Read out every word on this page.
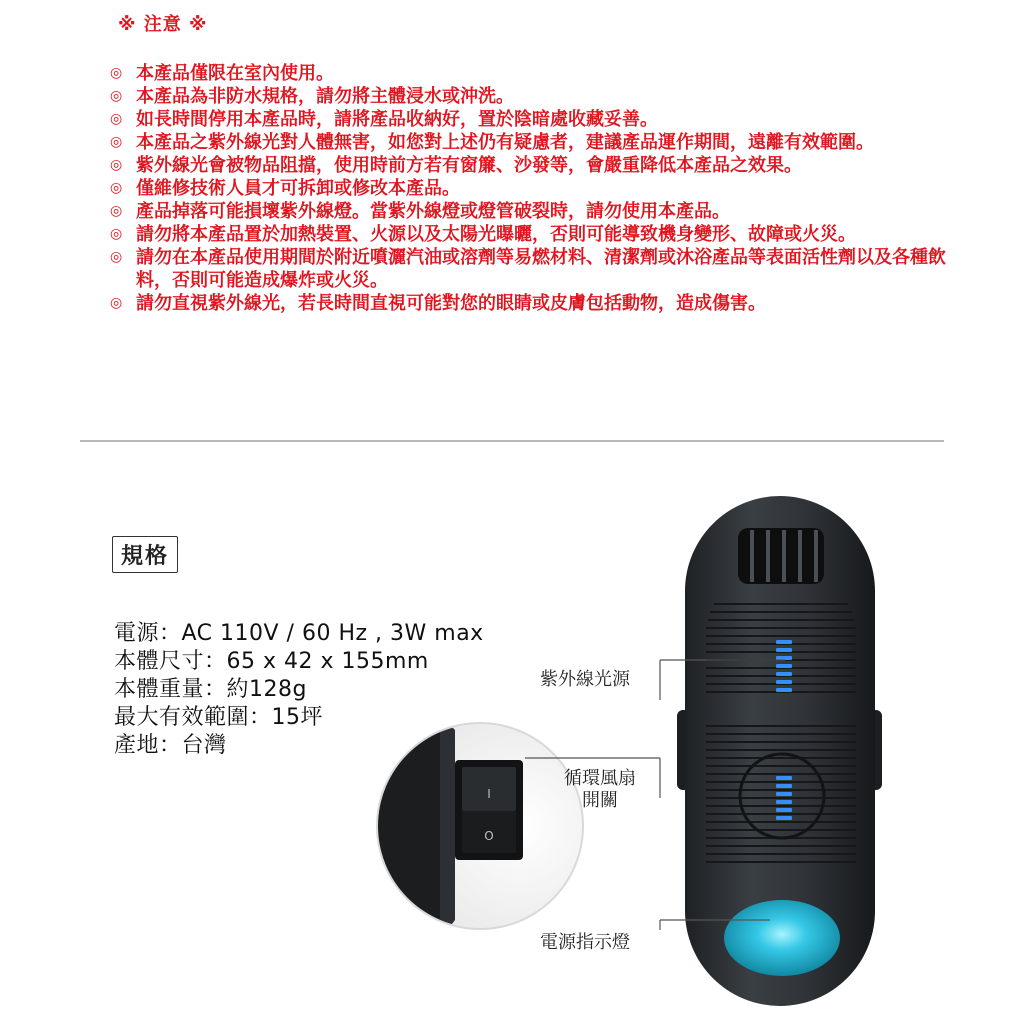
※ 注意 ※
◎ 本產品僅限在室內使用。
◎ 本產品為非防水規格，請勿將主體浸水或沖洗。
◎ 如長時間停用本產品時，請將產品收納好，置於陰暗處收藏妥善。
◎ 本產品之紫外線光對人體無害，如您對上述仍有疑慮者，建議產品運作期間，遠離有效範圍。
◎ 紫外線光會被物品阻擋，使用時前方若有窗簾、沙發等，會嚴重降低本產品之效果。
◎ 僅維修技術人員才可拆卸或修改本產品。
◎ 產品掉落可能損壞紫外線燈。當紫外線燈或燈管破裂時，請勿使用本產品。
◎ 請勿將本產品置於加熱裝置、火源以及太陽光曝曬，否則可能導致機身變形、故障或火災。
◎ 請勿在本產品使用期間於附近噴灑汽油或溶劑等易燃材料、清潔劑或沐浴產品等表面活性劑以及各種飲料，否則可能造成爆炸或火災。
◎ 請勿直視紫外線光，若長時間直視可能對您的眼睛或皮膚包括動物，造成傷害。
規格
電源：AC 110V / 60 Hz , 3W max
本體尺寸：65 x 42 x 155mm
本體重量：約128g
最大有效範圍：15坪
產地：台灣
I
O
紫外線光源
循環風扇
開關
電源指示燈
